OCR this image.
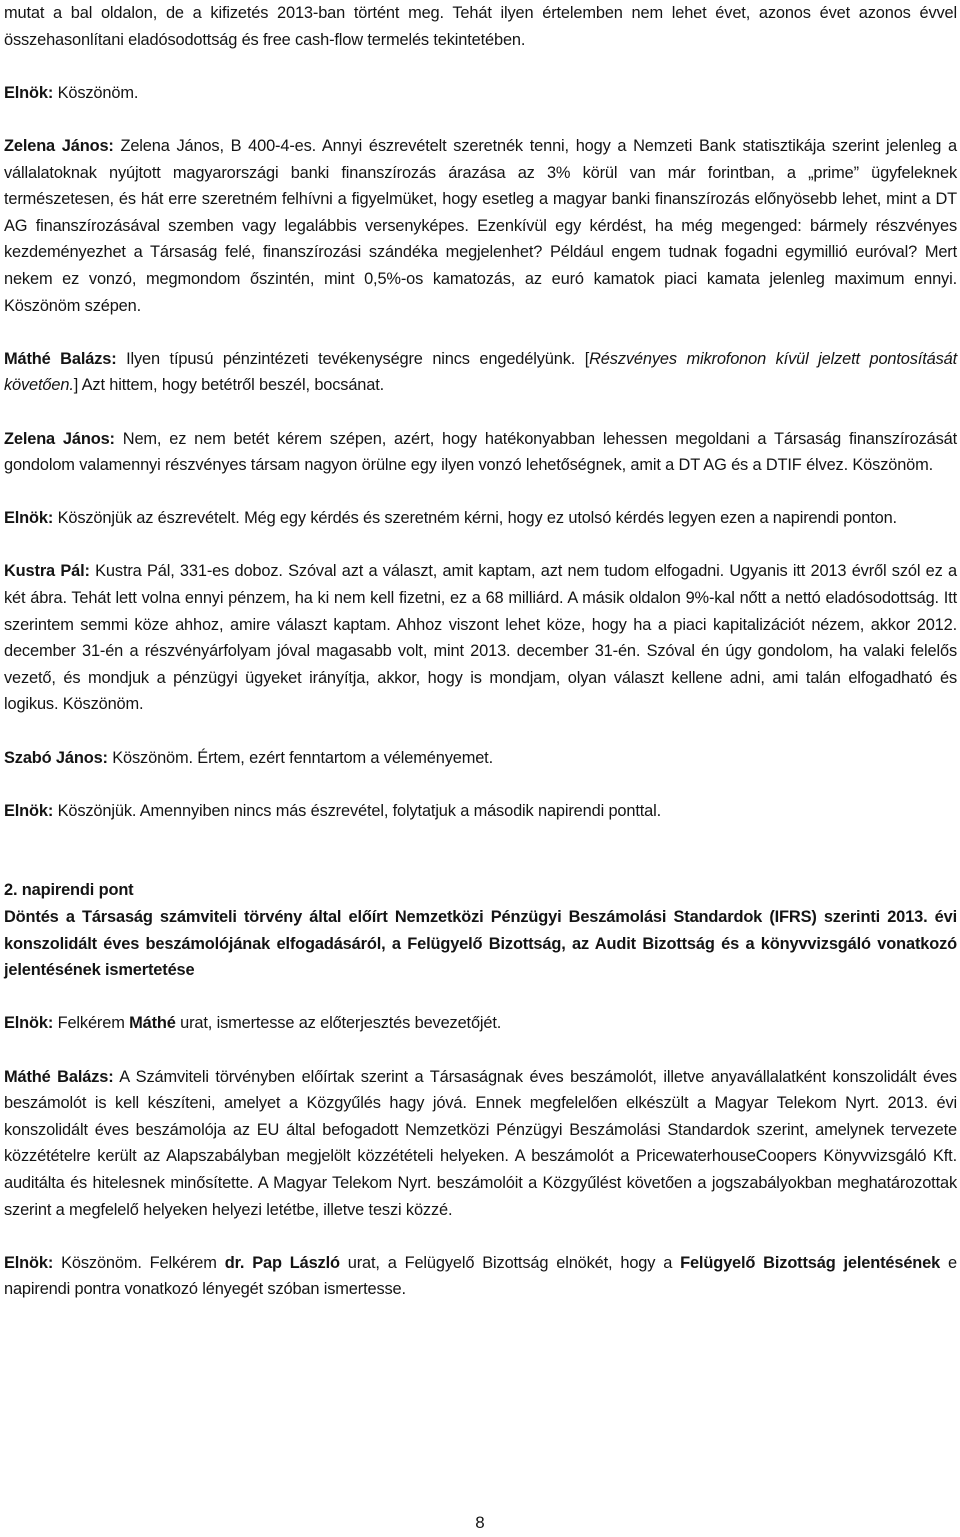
mutat a bal oldalon, de a kifizetés 2013-ban történt meg. Tehát ilyen értelemben nem lehet évet, azonos évet azonos évvel összehasonlítani eladósodottság és free cash-flow termelés tekintetében.

Elnök: Köszönöm.

Zelena János: Zelena János, B 400-4-es. Annyi észrevételt szeretnék tenni, hogy a Nemzeti Bank statisztikája szerint jelenleg a vállalatoknak nyújtott magyarországi banki finanszírozás árazása az 3% körül van már forintban, a „prime” ügyfeleknek természetesen, és hát erre szeretném felhívni a figyelmüket, hogy esetleg a magyar banki finanszírozás előnyösebb lehet, mint a DT AG finanszírozásával szemben vagy legalábbis versenyképes. Ezenkívül egy kérdést, ha még megenged: bármely részvényes kezdeményezhet a Társaság felé, finanszírozási szándéka megjelenhet? Például engem tudnak fogadni egymillió euróval? Mert nekem ez vonzó, megmondom őszintén, mint 0,5%-os kamatozás, az euró kamatok piaci kamata jelenleg maximum ennyi. Köszönöm szépen.

Máthé Balázs: Ilyen típusú pénzintézeti tevékenységre nincs engedélyünk. [Részvényes mikrofonon kívül jelzett pontosítását követően.] Azt hittem, hogy betétről beszél, bocsánat.

Zelena János: Nem, ez nem betét kérem szépen, azért, hogy hatékonyabban lehessen megoldani a Társaság finanszírozását gondolom valamennyi részvényes társam nagyon örülne egy ilyen vonzó lehetőségnek, amit a DT AG és a DTIF élvez. Köszönöm.

Elnök: Köszönjük az észrevételt. Még egy kérdés és szeretném kérni, hogy ez utolsó kérdés legyen ezen a napirendi ponton.

Kustra Pál: Kustra Pál, 331-es doboz. Szóval azt a választ, amit kaptam, azt nem tudom elfogadni. Ugyanis itt 2013 évről szól ez a két ábra. Tehát lett volna ennyi pénzem, ha ki nem kell fizetni, ez a 68 milliárd. A másik oldalon 9%-kal nőtt a nettó eladósodottság. Itt szerintem semmi köze ahhoz, amire választ kaptam. Ahhoz viszont lehet köze, hogy ha a piaci kapitalizációt nézem, akkor 2012. december 31-én a részvényárfolyam jóval magasabb volt, mint 2013. december 31-én. Szóval én úgy gondolom, ha valaki felelős vezető, és mondjuk a pénzügyi ügyeket irányítja, akkor, hogy is mondjam, olyan választ kellene adni, ami talán elfogadható és logikus. Köszönöm.

Szabó János: Köszönöm. Értem, ezért fenntartom a véleményemet.

Elnök: Köszönjük. Amennyiben nincs más észrevétel, folytatjuk a második napirendi ponttal.

2. napirendi pont

Döntés a Társaság számviteli törvény által előírt Nemzetközi Pénzügyi Beszámolási Standardok (IFRS) szerinti 2013. évi konszolidált éves beszámolójának elfogadásáról, a Felügyelő Bizottság, az Audit Bizottság és a könyvvizsgáló vonatkozó jelentésének ismertetése

Elnök: Felkérem Máthé urat, ismertesse az előterjesztés bevezetőjét.

Máthé Balázs: A Számviteli törvényben előírtak szerint a Társaságnak éves beszámolót, illetve anyavállalatként konszolidált éves beszámolót is kell készíteni, amelyet a Közgyűlés hagy jóvá. Ennek megfelelően elkészült a Magyar Telekom Nyrt. 2013. évi konszolidált éves beszámolója az EU által befogadott Nemzetközi Pénzügyi Beszámolási Standardok szerint, amelynek tervezete közzétételre került az Alapszabályban megjelölt közzétételi helyeken. A beszámolót a PricewaterhouseCoopers Könyvvizsgáló Kft. auditálta és hitelesnek minősítette. A Magyar Telekom Nyrt. beszámolóit a Közgyűlést követően a jogszabályokban meghatározottak szerint a megfelelő helyeken helyezi letétbe, illetve teszi közzé.

Elnök: Köszönöm. Felkérem dr. Pap László urat, a Felügyelő Bizottság elnökét, hogy a Felügyelő Bizottság jelentésének e napirendi pontra vonatkozó lényegét szóban ismertesse.

8
